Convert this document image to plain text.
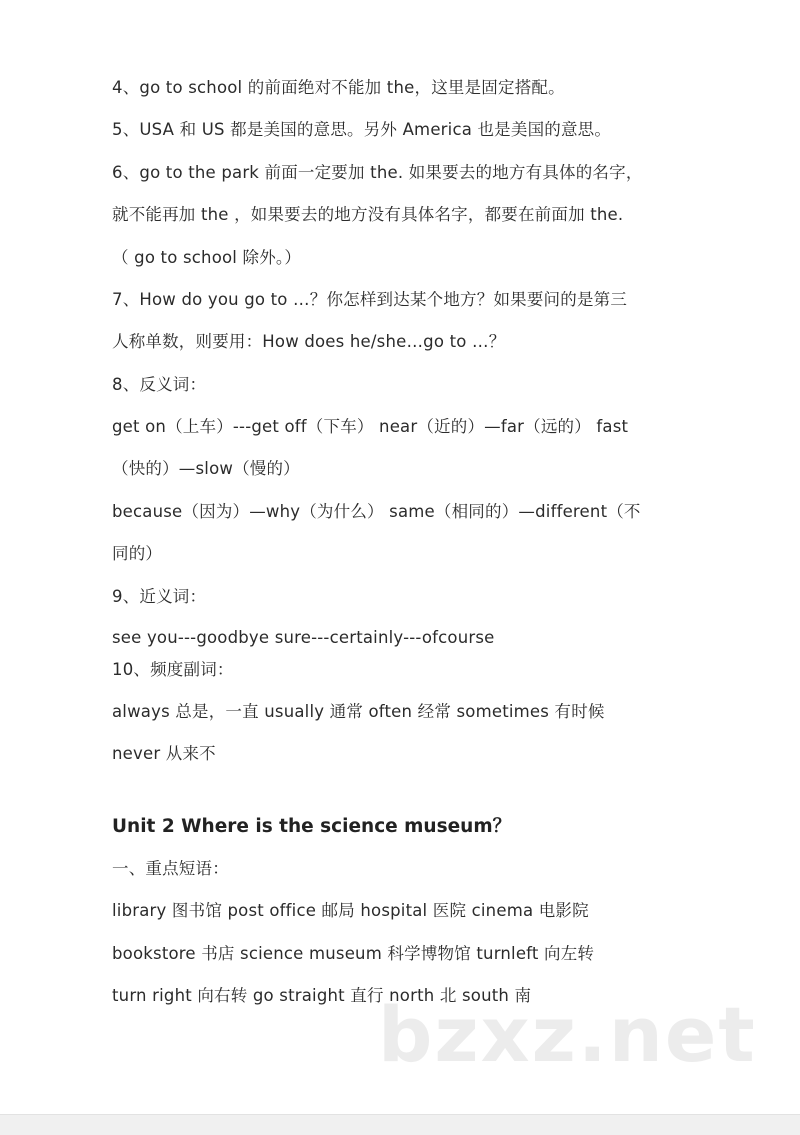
4、go to school 的前面绝对不能加 the，这里是固定搭配。
5、USA 和 US 都是美国的意思。另外 America 也是美国的意思。
6、go to the park 前面一定要加 the. 如果要去的地方有具体的名字，
就不能再加 the ，如果要去的地方没有具体名字，都要在前面加 the.
（ go to school 除外。）
7、How do you go to …？你怎样到达某个地方？如果要问的是第三
人称单数，则要用：How does he/she…go to …？
8、反义词：
get on（上车）---get off（下车） near（近的）—far（远的） fast
（快的）—slow（慢的）
because（因为）—why（为什么） same（相同的）—different（不
同的）
9、近义词：
see you---goodbye sure---certainly---ofcourse
10、频度副词：
always 总是，一直 usually 通常 often 经常 sometimes 有时候
never 从来不
Unit 2 Where is the science museum？
一、重点短语：
library 图书馆 post office 邮局 hospital 医院 cinema 电影院
bookstore 书店 science museum 科学博物馆 turnleft 向左转
turn right 向右转 go straight 直行 north 北 south 南
bzxz.net
